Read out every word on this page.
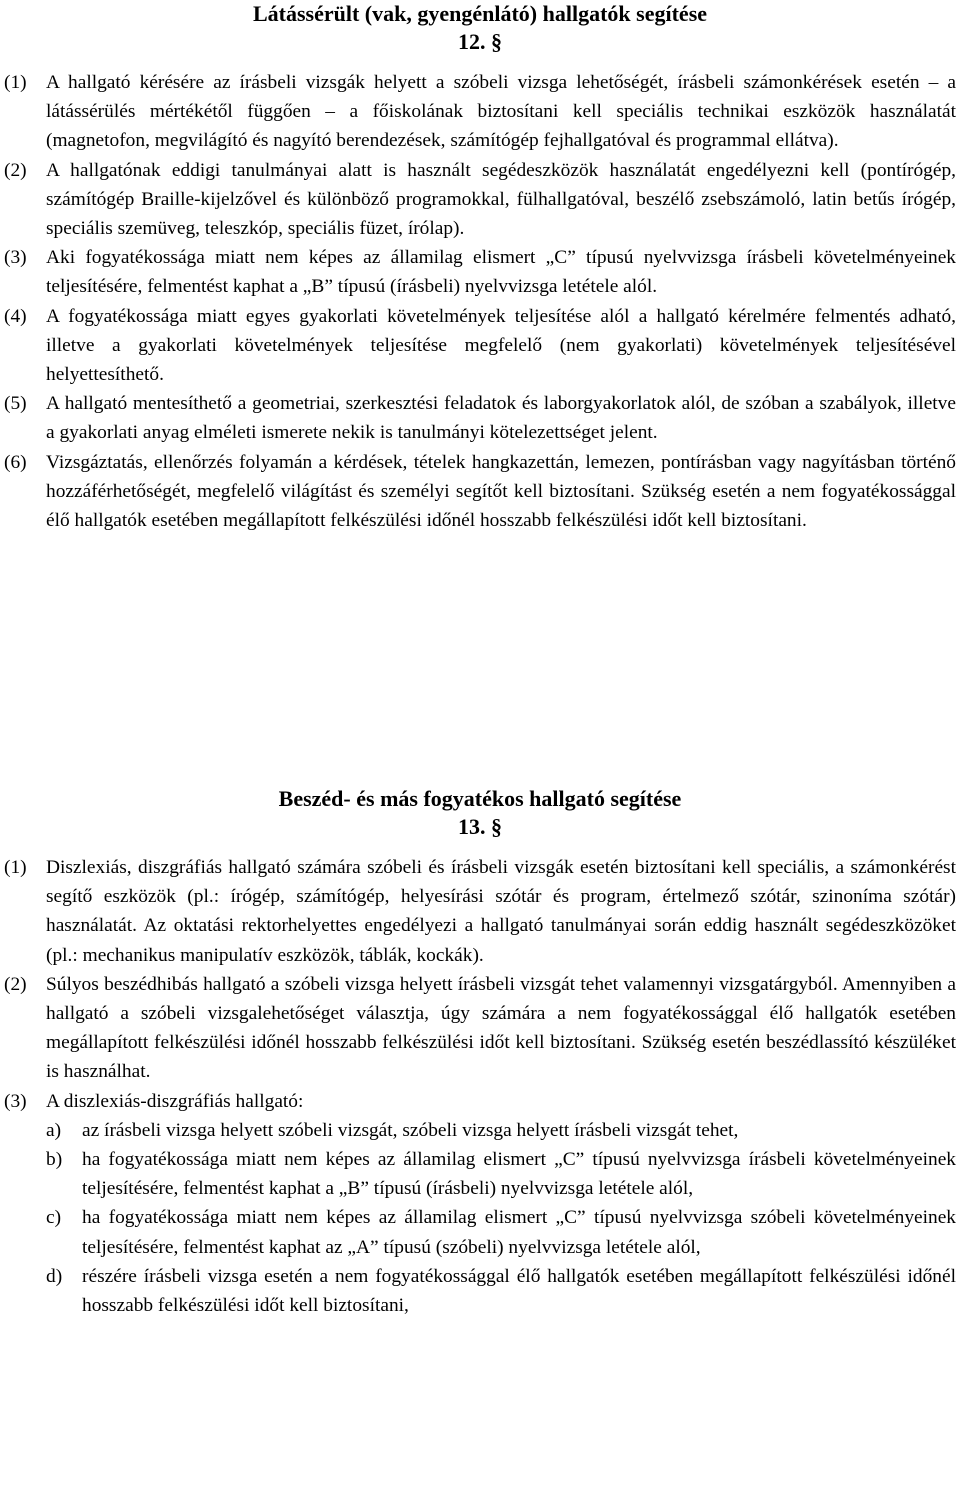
Látássérült (vak, gyengénlátó) hallgatók segítése
12. §
(1) A hallgató kérésére az írásbeli vizsgák helyett a szóbeli vizsga lehetőségét, írásbeli számonkérések esetén – a látássérülés mértékétől függően – a főiskolának biztosítani kell speciális technikai eszközök használatát (magnetofon, megvilágító és nagyító berendezések, számítógép fejhallgatóval és programmal ellátva).
(2) A hallgatónak eddigi tanulmányai alatt is használt segédeszközök használatát engedélyezni kell (pontírógép, számítógép Braille-kijelzővel és különböző programokkal, fülhallgatóval, beszélő zsebszámoló, latin betűs írógép, speciális szemüveg, teleszkóp, speciális füzet, írólap).
(3) Aki fogyatékossága miatt nem képes az államilag elismert „C” típusú nyelvvizsga írásbeli követelményeinek teljesítésére, felmentést kaphat a „B” típusú (írásbeli) nyelvvizsga letétele alól.
(4) A fogyatékossága miatt egyes gyakorlati követelmények teljesítése alól a hallgató kérelmére felmentés adható, illetve a gyakorlati követelmények teljesítése megfelelő (nem gyakorlati) követelmények teljesítésével helyettesíthető.
(5) A hallgató mentesíthető a geometriai, szerkesztési feladatok és laborgyakorlatok alól, de szóban a szabályok, illetve a gyakorlati anyag elméleti ismerete nekik is tanulmányi kötelezettséget jelent.
(6) Vizsgáztatás, ellenőrzés folyamán a kérdések, tételek hangkazettán, lemezen, pontírásban vagy nagyításban történő hozzáférhetőségét, megfelelő világítást és személyi segítőt kell biztosítani. Szükség esetén a nem fogyatékossággal élő hallgatók esetében megállapított felkészülési időnél hosszabb felkészülési időt kell biztosítani.
Beszéd- és más fogyatékos hallgató segítése
13. §
(1) Diszlexiás, diszgráfiás hallgató számára szóbeli és írásbeli vizsgák esetén biztosítani kell speciális, a számonkérést segítő eszközök (pl.: írógép, számítógép, helyesírási szótár és program, értelmező szótár, szinoníma szótár) használatát. Az oktatási rektorhelyettes engedélyezi a hallgató tanulmányai során eddig használt segédeszközöket (pl.: mechanikus manipulatív eszközök, táblák, kockák).
(2) Súlyos beszédhibás hallgató a szóbeli vizsga helyett írásbeli vizsgát tehet valamennyi vizsgatárgyból. Amennyiben a hallgató a szóbeli vizsgalehetőséget választja, úgy számára a nem fogyatékossággal élő hallgatók esetében megállapított felkészülési időnél hosszabb felkészülési időt kell biztosítani. Szükség esetén beszédlassító készüléket is használhat.
(3) A diszlexiás-diszgráfiás hallgató:
a)	az írásbeli vizsga helyett szóbeli vizsgát, szóbeli vizsga helyett írásbeli vizsgát tehet,
b)	ha fogyatékossága miatt nem képes az államilag elismert „C” típusú nyelvvizsga írásbeli követelményeinek teljesítésére, felmentést kaphat a „B” típusú (írásbeli) nyelvvizsga letétele alól,
c)	ha fogyatékossága miatt nem képes az államilag elismert „C” típusú nyelvvizsga szóbeli követelményeinek teljesítésére, felmentést kaphat az „A” típusú (szóbeli) nyelvvizsga letétele alól,
d)	részére írásbeli vizsga esetén a nem fogyatékossággal élő hallgatók esetében megállapított felkészülési időnél hosszabb felkészülési időt kell biztosítani,
